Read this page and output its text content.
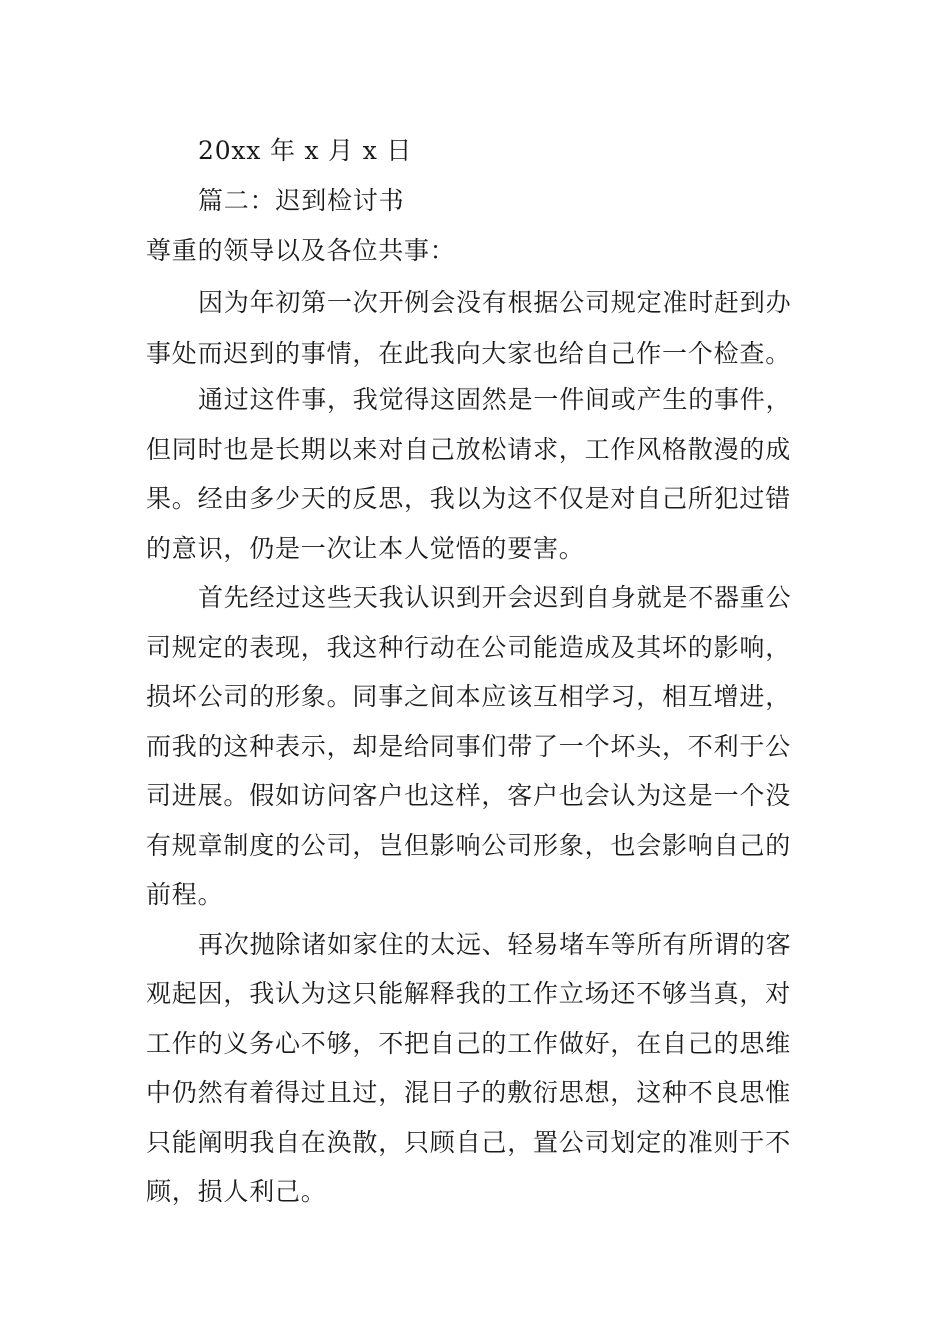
20xx 年 x 月 x 日
篇二：迟到检讨书
尊重的领导以及各位共事：
因为年初第一次开例会没有根据公司规定准时赶到办
事处而迟到的事情，在此我向大家也给自己作一个检查。
通过这件事，我觉得这固然是一件间或产生的事件，
但同时也是长期以来对自己放松请求，工作风格散漫的成
果。经由多少天的反思，我以为这不仅是对自己所犯过错
的意识，仍是一次让本人觉悟的要害。
首先经过这些天我认识到开会迟到自身就是不器重公
司规定的表现，我这种行动在公司能造成及其坏的影响，
损坏公司的形象。同事之间本应该互相学习，相互增进，
而我的这种表示，却是给同事们带了一个坏头，不利于公
司进展。假如访问客户也这样，客户也会认为这是一个没
有规章制度的公司，岂但影响公司形象，也会影响自己的
前程。
再次抛除诸如家住的太远、轻易堵车等所有所谓的客
观起因，我认为这只能解释我的工作立场还不够当真，对
工作的义务心不够，不把自己的工作做好，在自己的思维
中仍然有着得过且过，混日子的敷衍思想，这种不良思惟
只能阐明我自在涣散，只顾自己，置公司划定的准则于不
顾，损人利己。
